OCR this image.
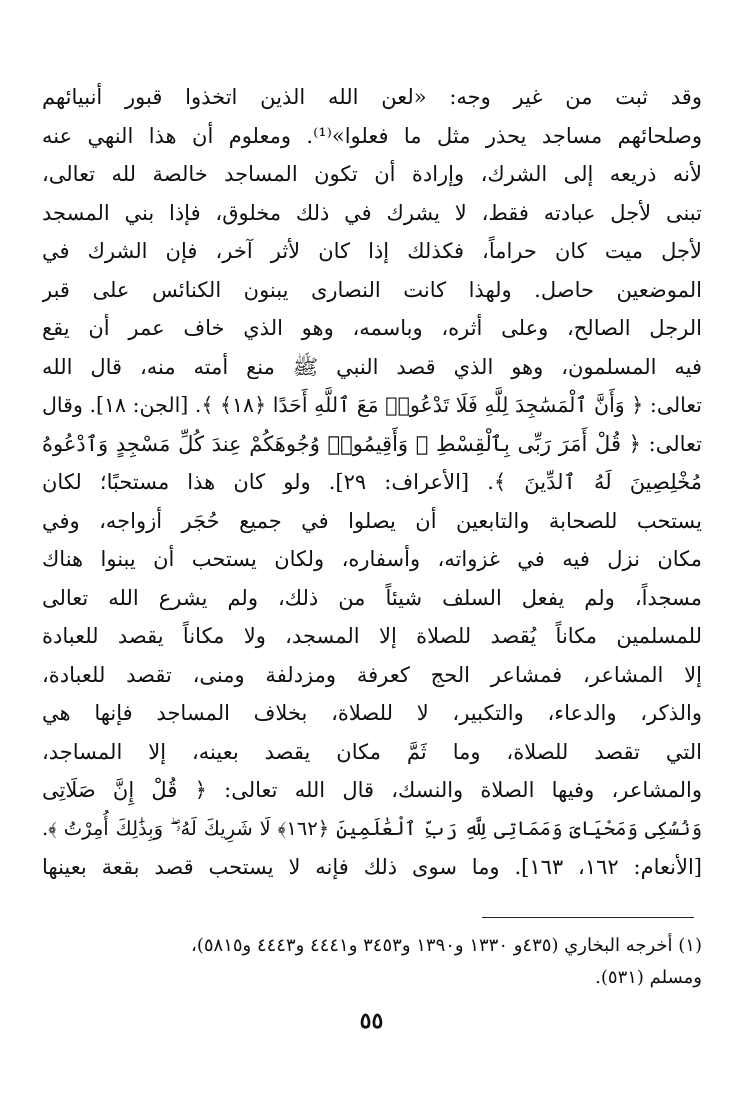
وقد ثبت من غير وجه: «لعن الله الذين اتخذوا قبور أنبيائهم
وصلحائهم مساجد يحذر مثل ما فعلوا»⁽¹⁾. ومعلوم أن هذا النهي عنه
لأنه ذريعه إلى الشرك، وإرادة أن تكون المساجد خالصة لله تعالى،
تبنى لأجل عبادته فقط، لا يشرك في ذلك مخلوق، فإذا بني المسجد
لأجل ميت كان حراماً، فكذلك إذا كان لأثر آخر، فإن الشرك في
الموضعين حاصل. ولهذا كانت النصارى يبنون الكنائس على قبر
الرجل الصالح، وعلى أثره، وباسمه، وهو الذي خاف عمر أن يقع
فيه المسلمون، وهو الذي قصد النبي ﷺ منع أمته منه، قال الله
تعالى: ﴿ وَأَنَّ ٱلْمَسَٰجِدَ لِلَّهِ فَلَا تَدْعُوا۟ مَعَ ٱللَّهِ أَحَدًا ﴿١٨﴾ ﴾. [الجن: ١٨]. وقال
تعالى: ﴿ قُلْ أَمَرَ رَبِّى بِٱلْقِسْطِ ۖ وَأَقِيمُوا۟ وُجُوهَكُمْ عِندَ كُلِّ مَسْجِدٍ وَٱدْعُوهُ
مُخْلِصِينَ لَهُ ٱلدِّينَ ﴾. [الأعراف: ٢٩]. ولو كان هذا مستحبًا؛ لكان
يستحب للصحابة والتابعين أن يصلوا في جميع حُجَر أزواجه، وفي
مكان نزل فيه في غزواته، وأسفاره، ولكان يستحب أن يبنوا هناك
مسجداً، ولم يفعل السلف شيئاً من ذلك، ولم يشرع الله تعالى
للمسلمين مكاناً يُقصد للصلاة إلا المسجد، ولا مكاناً يقصد للعبادة
إلا المشاعر، فمشاعر الحج كعرفة ومزدلفة ومنى، تقصد للعبادة،
والذكر، والدعاء، والتكبير، لا للصلاة، بخلاف المساجد فإنها هي
التي تقصد للصلاة، وما ثَمَّ مكان يقصد بعينه، إلا المساجد،
والمشاعر، وفيها الصلاة والنسك، قال الله تعالى: ﴿ قُلْ إِنَّ صَلَاتِى
وَنُسُكِى وَمَحْيَاىَ وَمَمَاتِى لِلَّهِ رَبِّ ٱلْعَٰلَمِينَ ﴿١٦٢﴾ لَا شَرِيكَ لَهُۥ ۖ وَبِذَٰلِكَ أُمِرْتُ ﴾.
[الأنعام: ١٦٢، ١٦٣]. وما سوى ذلك فإنه لا يستحب قصد بقعة بعينها
(١) أخرجه البخاري (٤٣٥و ١٣٣٠ و١٣٩٠ و٣٤٥٣ و٤٤٤١ و٤٤٤٣ و٥٨١٥)،
ومسلم (٥٣١).
٥٥
